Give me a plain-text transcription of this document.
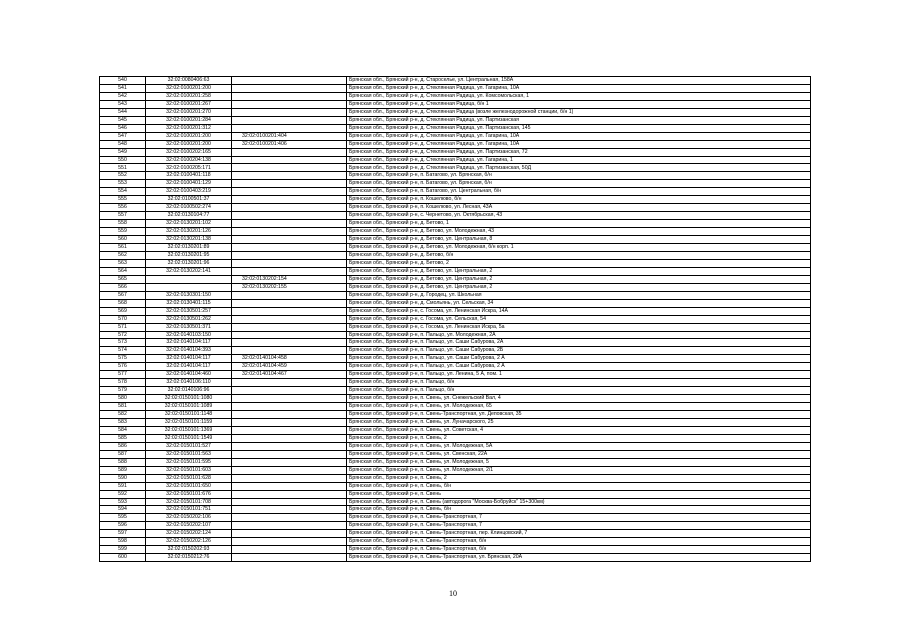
540	32:02:0080406:63		Брянская обл., Брянский р-н, д. Староселье, ул. Центральная, 158А
541	32:02:0100201:200		Брянская обл., Брянский р-н, д. Стеклянная Радица, ул. Гагарина, 10А
542	32:02:0100201:258		Брянская обл., Брянский р-н, д. Стеклянная Радица, ул. Комсомольская, 1
543	32:02:0100201:267		Брянская обл., Брянский р-н, д. Стеклянная Радица, б/н 1
544	32:02:0100201:270		Брянская обл., Брянский р-н, д. Стеклянная Радица (возле железнодорожной станции, б/н 1)
545	32:02:0100201:284		Брянская обл., Брянский р-н, д. Стеклянная Радица, ул. Партизанская
546	32:02:0100201:312		Брянская обл., Брянский р-н, д. Стеклянная Радица, ул. Партизанская, 145
547	32:02:0100201:200	32:02:0100201:404	Брянская обл., Брянский р-н, д. Стеклянная Радица, ул. Гагарина, 10А
548	32:02:0100201:200	32:02:0100201:406	Брянская обл., Брянский р-н, д. Стеклянная Радица, ул. Гагарина, 10А
549	32:02:0100202:165		Брянская обл., Брянский р-н, д. Стеклянная Радица, ул. Партизанская, 72
550	32:02:0100204:138		Брянская обл., Брянский р-н, д. Стеклянная Радица, ул. Гагарина, 1
551	32:02:0100205:171		Брянская обл., Брянский р-н, д. Стеклянная Радица, ул. Партизанская, 50Д
552	32:02:0100401:118		Брянская обл., Брянский р-н, п. Батагово, ул. Брянская, б/н
553	32:02:0100401:129		Брянская обл., Брянский р-н, п. Батагово, ул. Брянская, б/н
554	32:02:0100403:219		Брянская обл., Брянский р-н, п. Батагово, ул. Центральная, б/н
555	32:02:0100501:37		Брянская обл., Брянский р-н, п. Кошелюво, б/н
556	32:02:0100502:274		Брянская обл., Брянский р-н, п. Кошелюво, ул. Лесная, 43А
557	32:02:0130104:77		Брянская обл., Брянский р-н, с. Чернетово, ул. Октябрьская, 43
558	32:02:0130201:102		Брянская обл., Брянский р-н, д. Бетово, 1
559	32:02:0130201:126		Брянская обл., Брянский р-н, д. Бетово, ул. Молодежная, 43
560	32:02:0130201:138		Брянская обл., Брянский р-н, д. Бетово, ул. Центральная, 8
561	32:02:0130201:89		Брянская обл., Брянский р-н, д. Бетово, ул. Молодежная, б/н корп. 1
562	32:02:0130201:95		Брянская обл., Брянский р-н, д. Бетово, б/н
563	32:02:0130201:96		Брянская обл., Брянский р-н, д. Бетово, 2
564	32:02:0130202:141		Брянская обл., Брянский р-н, д. Бетово, ул. Центральная, 2
565		32:02:0130202:154	Брянская обл., Брянский р-н, д. Бетово, ул. Центральная, 2
566		32:02:0130202:155	Брянская обл., Брянский р-н, д. Бетово, ул. Центральная, 2
567	32:02:0130301:150		Брянская обл., Брянский р-н, д. Городец, ул. Школьная
568	32:02:0130401:115		Брянская обл., Брянский р-н, д. Смольянь, ул. Сельская, 34
569	32:02:0130501:257		Брянская обл., Брянский р-н, с. Госома, ул. Ленинская Искра, 14А
570	32:02:0130501:262		Брянская обл., Брянский р-н, с. Госома, ул. Сельская, 54
571	32:02:0130501:371		Брянская обл., Брянский р-н, с. Госома, ул. Ленинская Искра, 5а
572	32:02:0140103:150		Брянская обл., Брянский р-н, п. Пальцо, ул. Молодежная, 2А
573	32:02:0140104:117		Брянская обл., Брянский р-н, п. Пальцо, ул. Саши Сабурова, 2А
574	32:02:0140104:393		Брянская обл., Брянский р-н, п. Пальцо, ул. Саши Сабурова, 2Б
575	32:02:0140104:117	32:02:0140104:458	Брянская обл., Брянский р-н, п. Пальцо, ул. Саши Сабурова, 2 А
576	32:02:0140104:117	32:02:0140104:459	Брянская обл., Брянский р-н, п. Пальцо, ул. Саши Сабурова, 2 А
577	32:02:0140104:460	32:02:0140104:467	Брянская обл., Брянский р-н, п. Пальцо, ул. Ленина, 5 А, пом. 1
578	32:02:0140106:110		Брянская обл., Брянский р-н, п. Пальцо, б/н
579	32:02:0140106:96		Брянская обл., Брянский р-н, п. Пальцо, б/н
580	32:02:0150101:1080		Брянская обл., Брянский р-н, п. Свень, ул. Снежельский Вал, 4
581	32:02:0150101:1089		Брянская обл., Брянский р-н, п. Свень, ул. Молодежная, 65
582	32:02:0150101:1148		Брянская обл., Брянский р-н, п. Свень-Транспортная, ул. Деповская, 35
583	32:02:0150101:1159		Брянская обл., Брянский р-н, п. Свень, ул. Луначарского, 25
584	32:02:0150101:1369		Брянская обл., Брянский р-н, п. Свень, ул. Советская, 4
585	32:02:0150101:1549		Брянская обл., Брянский р-н, п. Свень, 2
586	32:02:0150101:527		Брянская обл., Брянский р-н, п. Свень, ул. Молодежная, 5А
587	32:02:0150101:563		Брянская обл., Брянский р-н, п. Свень, ул. Свенская, 22А
588	32:02:0150101:595		Брянская обл., Брянский р-н, п. Свень, ул. Молодежная, 5
589	32:02:0150101:603		Брянская обл., Брянский р-н, п. Свень, ул. Молодежная, 2/1
590	32:02:0150101:628		Брянская обл., Брянский р-н, п. Свень, 2
591	32:02:0150101:650		Брянская обл., Брянский р-н, п. Свень, б/н
592	32:02:0150101:676		Брянская обл., Брянский р-н, п. Свень
593	32:02:0150101:708		Брянская обл., Брянский р-н, п. Свень (автодорога "Москва-Бобруйск" 15+300км)
594	32:02:0150101:751		Брянская обл., Брянский р-н, п. Свень, б/н
595	32:02:0150202:106		Брянская обл., Брянский р-н, п. Свень-Транспортная, 7
596	32:02:0150202:107		Брянская обл., Брянский р-н, п. Свень-Транспортная, 7
597	32:02:0150202:124		Брянская обл., Брянский р-н, п. Свень-Транспортная, пер. Клинцовский, 7
598	32:02:0150202:126		Брянская обл., Брянский р-н, п. Свень-Транспортная, б/н
599	32:02:0150202:93		Брянская обл., Брянский р-н, п. Свень-Транспортная, б/н
600	32:02:0150212:76		Брянская обл., Брянский р-н, п. Свень-Транспортная, ул. Брянская, 20А
10
